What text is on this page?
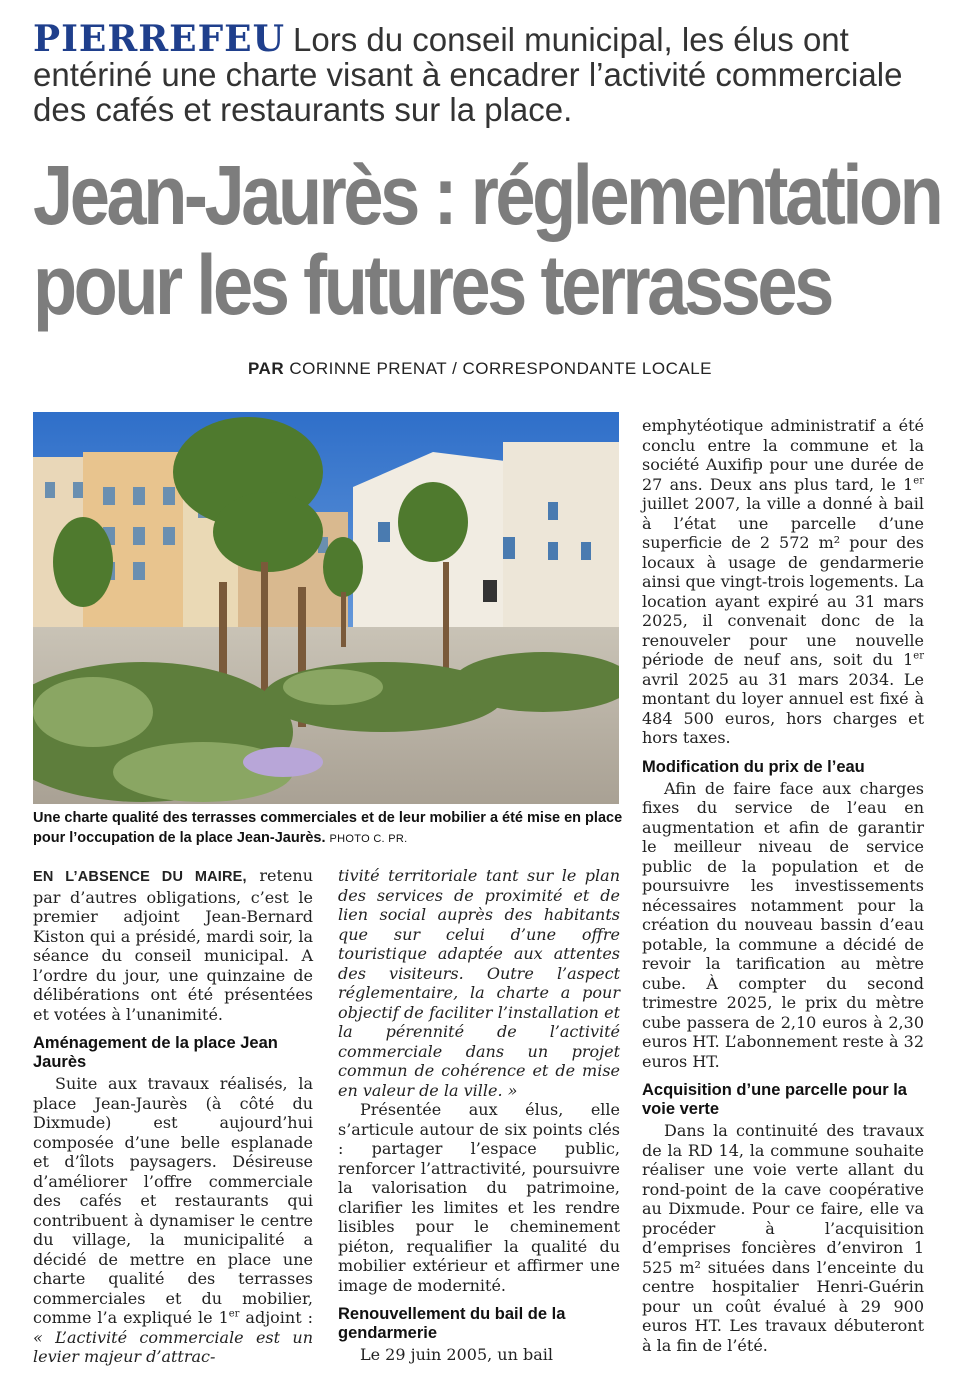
PIERREFEU Lors du conseil municipal, les élus ont entériné une charte visant à encadrer l’activité commerciale des cafés et restaurants sur la place.
Jean-Jaurès : réglementation
pour les futures terrasses
PAR CORINNE PRENAT / CORRESPONDANTE LOCALE
Une charte qualité des terrasses commerciales et de leur mobilier a été mise en place pour l’occupation de la place Jean-Jaurès. PHOTO C. PR.

EN L’ABSENCE DU MAIRE, retenu par d’autres obligations, c’est le premier adjoint Jean-Bernard Kiston qui a présidé, mardi soir, la séance du conseil municipal. A l’ordre du jour, une quinzaine de délibérations ont été présentées et votées à l’unanimité.

Aménagement de la place Jean Jaurès

Suite aux travaux réalisés, la place Jean-Jaurès (à côté du Dixmude) est aujourd’hui composée d’une belle esplanade et d’îlots paysagers. Désireuse d’améliorer l’offre commerciale des cafés et restaurants qui contribuent à dynamiser le centre du village, la municipalité a décidé de mettre en place une charte qualité des terrasses commerciales et du mobilier, comme l’a expliqué le 1er adjoint : « L’activité commerciale est un levier majeur d’attrac-

tivité territoriale tant sur le plan des services de proximité et de lien social auprès des habitants que sur celui d’une offre touristique adaptée aux attentes des visiteurs. Outre l’aspect réglementaire, la charte a pour objectif de faciliter l’installation et la pérennité de l’activité commerciale dans un projet commun de cohérence et de mise en valeur de la ville. »

Présentée aux élus, elle s’articule autour de six points clés : partager l’espace public, renforcer l’attractivité, poursuivre la valorisation du patrimoine, clarifier les limites et les rendre lisibles pour le cheminement piéton, requalifier la qualité du mobilier extérieur et affirmer une image de modernité.

Renouvellement du bail de la gendarmerie

Le 29 juin 2005, un bail

emphytéotique administratif a été conclu entre la commune et la société Auxifip pour une durée de 27 ans. Deux ans plus tard, le 1er juillet 2007, la ville a donné à bail à l’état une parcelle d’une superficie de 2 572 m² pour des locaux à usage de gendarmerie ainsi que vingt-trois logements. La location ayant expiré au 31 mars 2025, il convenait donc de la renouveler pour une nouvelle période de neuf ans, soit du 1er avril 2025 au 31 mars 2034. Le montant du loyer annuel est fixé à 484 500 euros, hors charges et hors taxes.

Modification du prix de l’eau

Afin de faire face aux charges fixes du service de l’eau en augmentation et afin de garantir le meilleur niveau de service public de la population et de poursuivre les investissements nécessaires notamment pour la création du nouveau bassin d’eau potable, la commune a décidé de revoir la tarification au mètre cube. À compter du second trimestre 2025, le prix du mètre cube passera de 2,10 euros à 2,30 euros HT. L’abonnement reste à 32 euros HT.

Acquisition d’une parcelle pour la voie verte

Dans la continuité des travaux de la RD 14, la commune souhaite réaliser une voie verte allant du rond-point de la cave coopérative au Dixmude. Pour ce faire, elle va procéder à l’acquisition d’emprises foncières d’environ 1 525 m² situées dans l’enceinte du centre hospitalier Henri-Guérin pour un coût évalué à 29 900 euros HT. Les travaux débuteront à la fin de l’été.
